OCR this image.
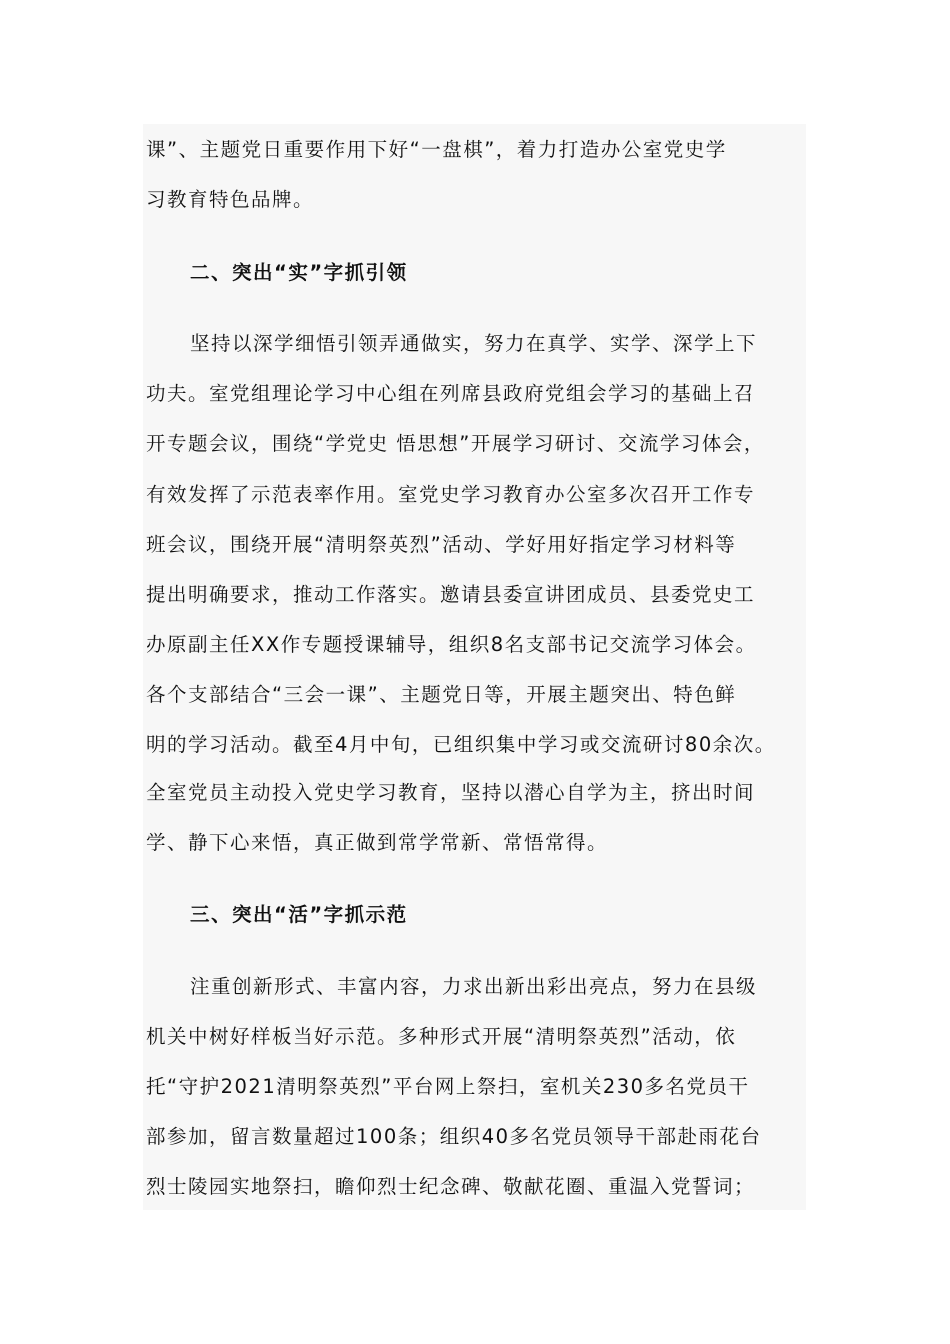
课”、主题党日重要作用下好“一盘棋”，着力打造办公室党史学
习教育特色品牌。
二、突出“实”字抓引领
坚持以深学细悟引领弄通做实，努力在真学、实学、深学上下
功夫。室党组理论学习中心组在列席县政府党组会学习的基础上召
开专题会议，围绕“学党史 悟思想”开展学习研讨、交流学习体会，
有效发挥了示范表率作用。室党史学习教育办公室多次召开工作专
班会议，围绕开展“清明祭英烈”活动、学好用好指定学习材料等
提出明确要求，推动工作落实。邀请县委宣讲团成员、县委党史工
办原副主任XX作专题授课辅导，组织8名支部书记交流学习体会。
各个支部结合“三会一课”、主题党日等，开展主题突出、特色鲜
明的学习活动。截至4月中旬，已组织集中学习或交流研讨80余次。
全室党员主动投入党史学习教育，坚持以潜心自学为主，挤出时间
学、静下心来悟，真正做到常学常新、常悟常得。
三、突出“活”字抓示范
注重创新形式、丰富内容，力求出新出彩出亮点，努力在县级
机关中树好样板当好示范。多种形式开展“清明祭英烈”活动，依
托“守护2021清明祭英烈”平台网上祭扫，室机关230多名党员干
部参加，留言数量超过100条；组织40多名党员领导干部赴雨花台
烈士陵园实地祭扫，瞻仰烈士纪念碑、敬献花圈、重温入党誓词；
